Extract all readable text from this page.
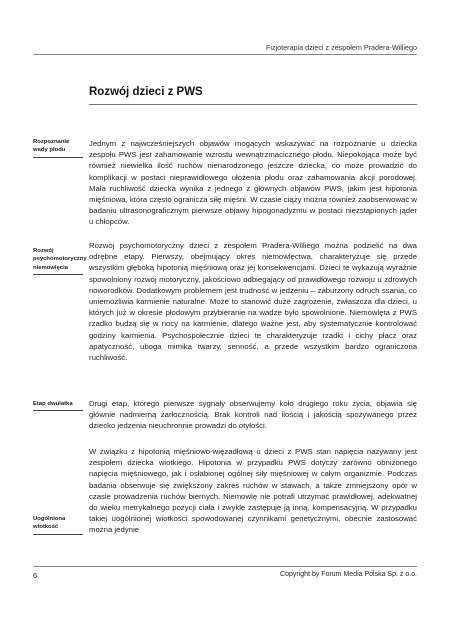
Fizjoterapia dzieci z zespołem Pradera-Williego
Rozwój dzieci z PWS
Rozpoznanie
wady płodu

Jednym z najwcześniejszych objawów mogących wskazywać na rozpoznanie u dziecka zespołu PWS jest zahamowanie wzrostu wewnątrzmacicznego płodu. Niepokojąca może być również niewielka ilość ruchów nienarodzonego jeszcze dziecka, co może prowadzić do komplikacji w postaci nieprawidłowego ułożenia płodu oraz zahamowania akcji porodowej. Mała ruchliwość dziecka wynika z jednego z głównych objawów PWS, jakim jest hipotonia mięśniowa, która często ogranicza siłę mięśni. W czasie ciąży można również zaobserwować w badaniu ultrasonograficznym pierwsze objawy hipogonadyzmu w postaci niezstąpionych jąder u chłopców.

Rozwój
psychomotoryczny
niemowlęcia

Rozwój psychomotoryczny dzieci z zespołem Pradera-Williego można podzielić na dwa odrębne etapy. Pierwszy, obejmujący okres niemowlęctwa, charakteryzuje się przede wszystkim głęboką hipotonią mięśniową oraz jej konsekwencjami. Dzieci te wykazują wyraźnie spowolniony rozwój motoryczny, jakościowo odbiegający od prawidłowego rozwoju u zdrowych noworodków. Dodatkowym problemem jest trudność w jedzeniu – zaburzony odruch ssania, co uniemożliwia karmienie naturalne. Może to stanowić duże zagrożenie, zwłaszcza dla dzieci, u których już w okresie płodowym przybieranie na wadze było spowolnione. Niemowlęta z PWS rzadko budzą się w nocy na karmienie, dlatego ważne jest, aby systematycznie kontrolować godziny karmienia. Psychospołecznie dzieci te charakteryzuje rzadki i cichy płacz oraz apatyczność, uboga mimika twarzy, senność, a przede wszystkim bardzo ograniczona ruchliwość.

Etap dwulatka	Drugi etap, którego pierwsze sygnały obserwujemy koło drugiego roku życia, objawia się głównie nadmierną żarłocznością. Brak kontroli nad ilością i jakością spożywanego przez dziecko jedzenia nieuchronnie prowadzi do otyłości.

Uogólniona
wiotkość

W związku z hipotonią mięśniowo-więzadłową u dzieci z PWS stan napięcia nazywany jest zespołem dziecka wiotkiego. Hipotonia w przypadku PWS dotyczy zarówno obniżonego napięcia mięśniowego, jak i osłabionej ogólnej siły mięśniowej w całym organizmie. Podczas badania obserwuje się zwiększony zakres ruchów w stawach, a także zmniejszony opór w czasie prowadzenia ruchów biernych. Niemowlę nie potrafi utrzymać prawidłowej, adekwatnej do wieku metrykalnego pozycji ciała i zwykle zastępuje ją inną, kompensacyjną. W przypadku takiej uogólnionej wiotkości spowodowanej czynnikami genetycznymi, obecnie zastosować można jedynie

6	Copyright by Forum Media Polska Sp. z o.o.
